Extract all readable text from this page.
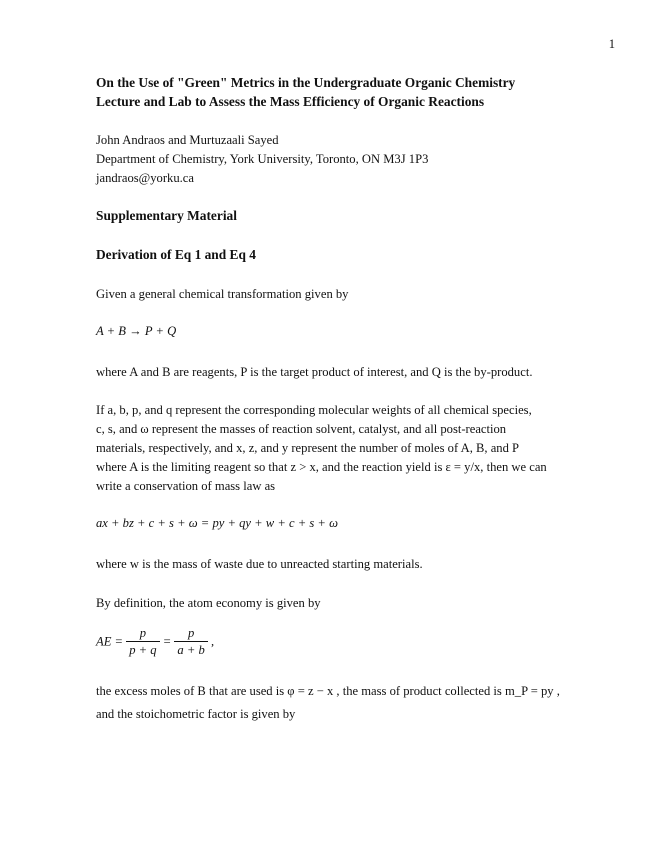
1
On the Use of "Green" Metrics in the Undergraduate Organic Chemistry
Lecture and Lab to Assess the Mass Efficiency of Organic Reactions
John Andraos and Murtuzaali Sayed
Department of Chemistry, York University, Toronto, ON M3J 1P3
jandraos@yorku.ca
Supplementary Material
Derivation of Eq 1 and Eq 4
Given a general chemical transformation given by
A + B → P + Q
where A and B are reagents, P is the target product of interest, and Q is the by-product.
If a, b, p, and q represent the corresponding molecular weights of all chemical species,
c, s, and ω represent the masses of reaction solvent, catalyst, and all post-reaction
materials, respectively, and x, z, and y represent the number of moles of A, B, and P
where A is the limiting reagent so that z > x, and the reaction yield is ε = y/x, then we can
write a conservation of mass law as
ax + bz + c + s + ω = py + qy + w + c + s + ω
where w is the mass of waste due to unreacted starting materials.
By definition, the atom economy is given by
AE = $\frac{p}{p + q} = \frac{p}{a + b}$ ,
the excess moles of B that are used is φ = z − x , the mass of product collected is m_P = py ,
and the stoichometric factor is given by
